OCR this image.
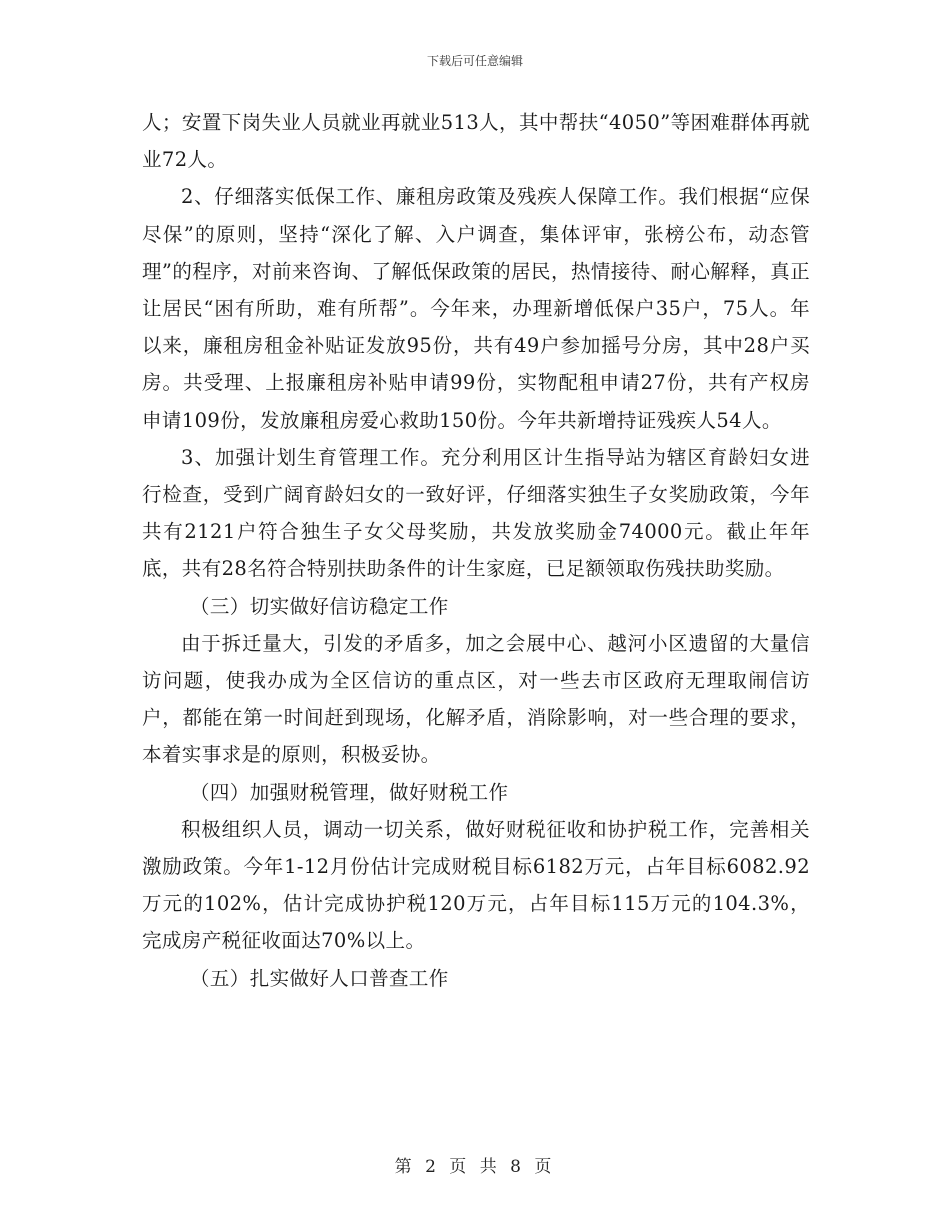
下载后可任意编辑

人；安置下岗失业人员就业再就业513人，其中帮扶“4050”等困难群体再就业72人。

2、仔细落实低保工作、廉租房政策及残疾人保障工作。我们根据“应保尽保”的原则，坚持“深化了解、入户调查，集体评审，张榜公布，动态管理”的程序，对前来咨询、了解低保政策的居民，热情接待、耐心解释，真正让居民“困有所助，难有所帮”。今年来，办理新增低保户35户，75人。年以来，廉租房租金补贴证发放95份，共有49户参加摇号分房，其中28户买房。共受理、上报廉租房补贴申请99份，实物配租申请27份，共有产权房申请109份，发放廉租房爱心救助150份。今年共新增持证残疾人54人。

3、加强计划生育管理工作。充分利用区计生指导站为辖区育龄妇女进行检查，受到广阔育龄妇女的一致好评，仔细落实独生子女奖励政策，今年共有2121户符合独生子女父母奖励，共发放奖励金74000元。截止年年底，共有28名符合特别扶助条件的计生家庭，已足额领取伤残扶助奖励。

（三）切实做好信访稳定工作

由于拆迁量大，引发的矛盾多，加之会展中心、越河小区遗留的大量信访问题，使我办成为全区信访的重点区，对一些去市区政府无理取闹信访户，都能在第一时间赶到现场，化解矛盾，消除影响，对一些合理的要求，本着实事求是的原则，积极妥协。

（四）加强财税管理，做好财税工作

积极组织人员，调动一切关系，做好财税征收和协护税工作，完善相关激励政策。今年1-12月份估计完成财税目标6182万元，占年目标6082.92万元的102%，估计完成协护税120万元，占年目标115万元的104.3%，完成房产税征收面达70%以上。

（五）扎实做好人口普查工作

第 2 页 共 8 页
